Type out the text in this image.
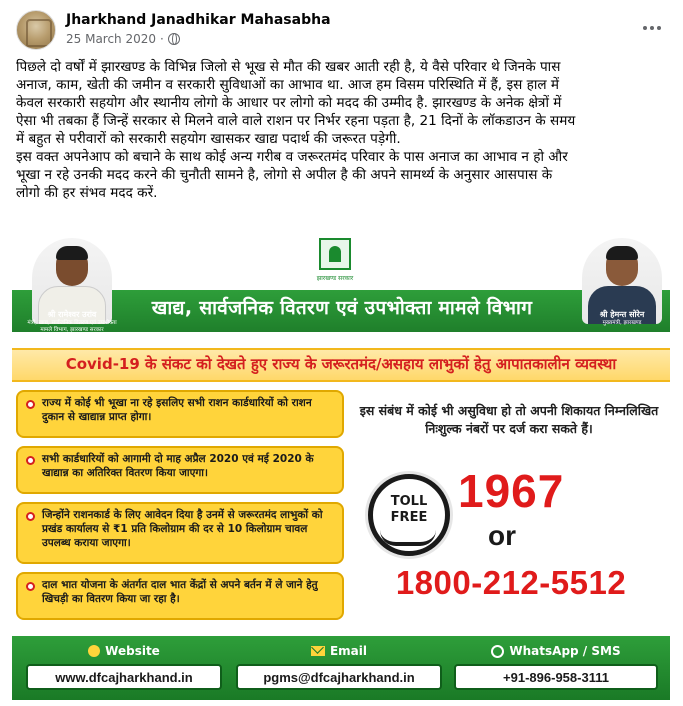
Jharkhand Janadhikar Mahasabha
25 March 2020 ·

पिछले दो वर्षों में झारखण्ड के विभिन्न जिलो से भूख से मौत की खबर आती रही है, ये वैसे परिवार थे जिनके पास

अनाज, काम, खेती की जमीन व सरकारी सुविधाओं का आभाव था. आज हम विसम परिस्थिति में हैं, इस हाल में

केवल सरकारी सहयोग और स्थानीय लोगो के आधार पर लोगो को मदद की उम्मीद है. झारखण्ड के अनेक क्षेत्रों में

ऐसा भी तबका हैं जिन्हें सरकार से मिलने वाले वाले राशन पर निर्भर रहना पड़ता है, 21 दिनों के लॉकडाउन के समय

में बहुत से परीवारों को सरकारी सहयोग खासकर खाद्य पदार्थ की जरूरत पड़ेगी.

इस वक्त अपनेआप को बचाने के साथ कोई अन्य गरीब व जरूरतमंद परिवार के पास अनाज का आभाव न हो और

भूखा न रहे उनकी मदद करने की चुनौती सामने है, लोगो से अपील है की अपने सामर्थ्य के अनुसार आसपास के

लोगो की हर संभव मदद करें.

झारखण्ड सरकार
खाद्य, सार्वजनिक वितरण एवं उपभोक्ता मामले विभाग
श्री रामेश्वर उरांव
मंत्री, खाद्य, सार्वजनिक वितरण एवं उपभोक्ता मामले विभाग, झारखण्ड सरकार
श्री हेमन्त सोरेन
मुख्यमंत्री, झारखण्ड
Covid-19 के संकट को देखते हुए राज्य के जरूरतमंद/असहाय लाभुकों हेतु आपातकालीन व्यवस्था
राज्य में कोई भी भूखा ना रहे इसलिए सभी राशन कार्डधारियों को राशन दुकान से खाद्यान्न प्राप्त होगा।
सभी कार्डधारियों को आगामी दो माह अप्रैल 2020 एवं मई 2020 के खाद्यान्न का अतिरिक्त वितरण किया जाएगा।
जिन्होंने राशनकार्ड के लिए आवेदन दिया है उनमें से जरूरतमंद लाभुकों को प्रखंड कार्यालय से ₹1 प्रति किलोग्राम की दर से 10 किलोग्राम चावल उपलब्ध कराया जाएगा।
दाल भात योजना के अंतर्गत दाल भात केंद्रों से अपने बर्तन में ले जाने हेतु खिचड़ी का वितरण किया जा रहा है।
इस संबंध में कोई भी असुविधा हो तो अपनी शिकायत निम्नलिखित निःशुल्क नंबरों पर दर्ज करा सकते हैं।
TOLL
FREE
1967
or
1800-212-5512
Website
www.dfcajharkhand.in
Email
pgms@dfcajharkhand.in
WhatsApp / SMS
+91-896-958-3111
